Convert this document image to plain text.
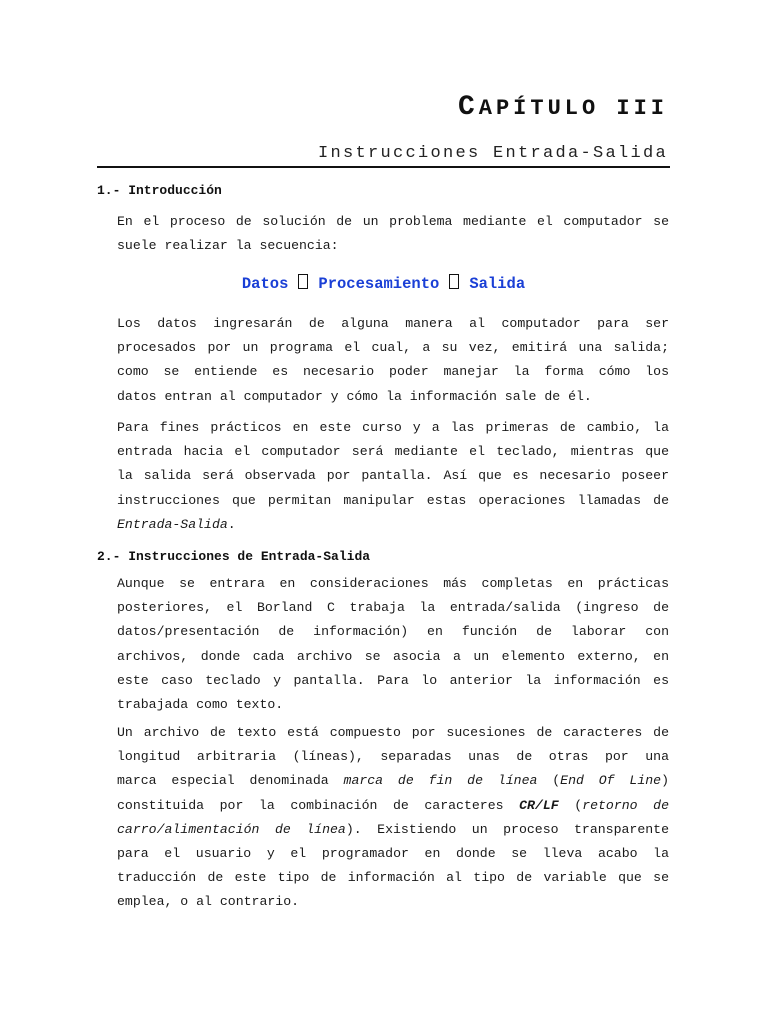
CAPÍTULO III
Instrucciones Entrada-Salida
1.- Introducción
En el proceso de solución de un problema mediante el computador se
suele realizar la secuencia:
Datos Procesamiento Salida
Los datos ingresarán de alguna manera al computador para ser
procesados por un programa el cual, a su vez, emitirá una salida;
como se entiende es necesario poder manejar la forma cómo los
datos entran al computador y cómo la información sale de él.
Para fines prácticos en este curso y a las primeras de cambio, la
entrada hacia el computador será mediante el teclado, mientras que
la salida será observada por pantalla. Así que es necesario poseer
instrucciones que permitan manipular estas operaciones llamadas de
Entrada-Salida.
2.- Instrucciones de Entrada-Salida
Aunque se entrara en consideraciones más completas en prácticas
posteriores, el Borland C trabaja la entrada/salida (ingreso de
datos/presentación de información) en función de laborar con
archivos, donde cada archivo se asocia a un elemento externo, en
este caso teclado y pantalla. Para lo anterior la información es
trabajada como texto.
Un archivo de texto está compuesto por sucesiones de caracteres de
longitud arbitraria (líneas), separadas unas de otras por una
marca especial denominada marca de fin de línea (End Of Line)
constituida por la combinación de caracteres CR/LF (retorno de
carro/alimentación de línea). Existiendo un proceso transparente
para el usuario y el programador en donde se lleva acabo la
traducción de este tipo de información al tipo de variable que se
emplea, o al contrario.
